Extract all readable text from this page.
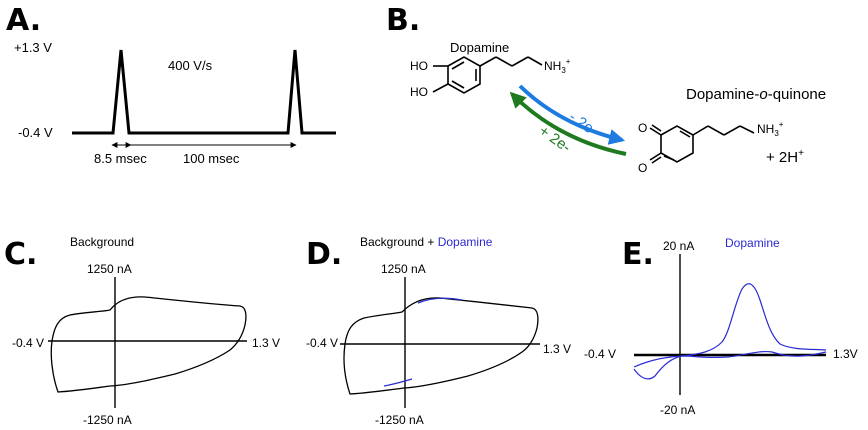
A.
+1.3 V
-0.4 V
400 V/s
8.5 msec	100 msec
B.
HO
HO
$NH_3^+$
Dopamine
- 2e-
+ 2e-	O
O
$NH_3^+$
Dopamine-o-quinone
+ 2H+
C.	Background
1250 nA
-1250 nA
-0.4 V	1.3 V
D. Background + Dopamine
1250 nA
-1250 nA
-0.4 V	1.3 V
E.	Dopamine
20 nA
-20 nA
-0.4 V	1.3V
